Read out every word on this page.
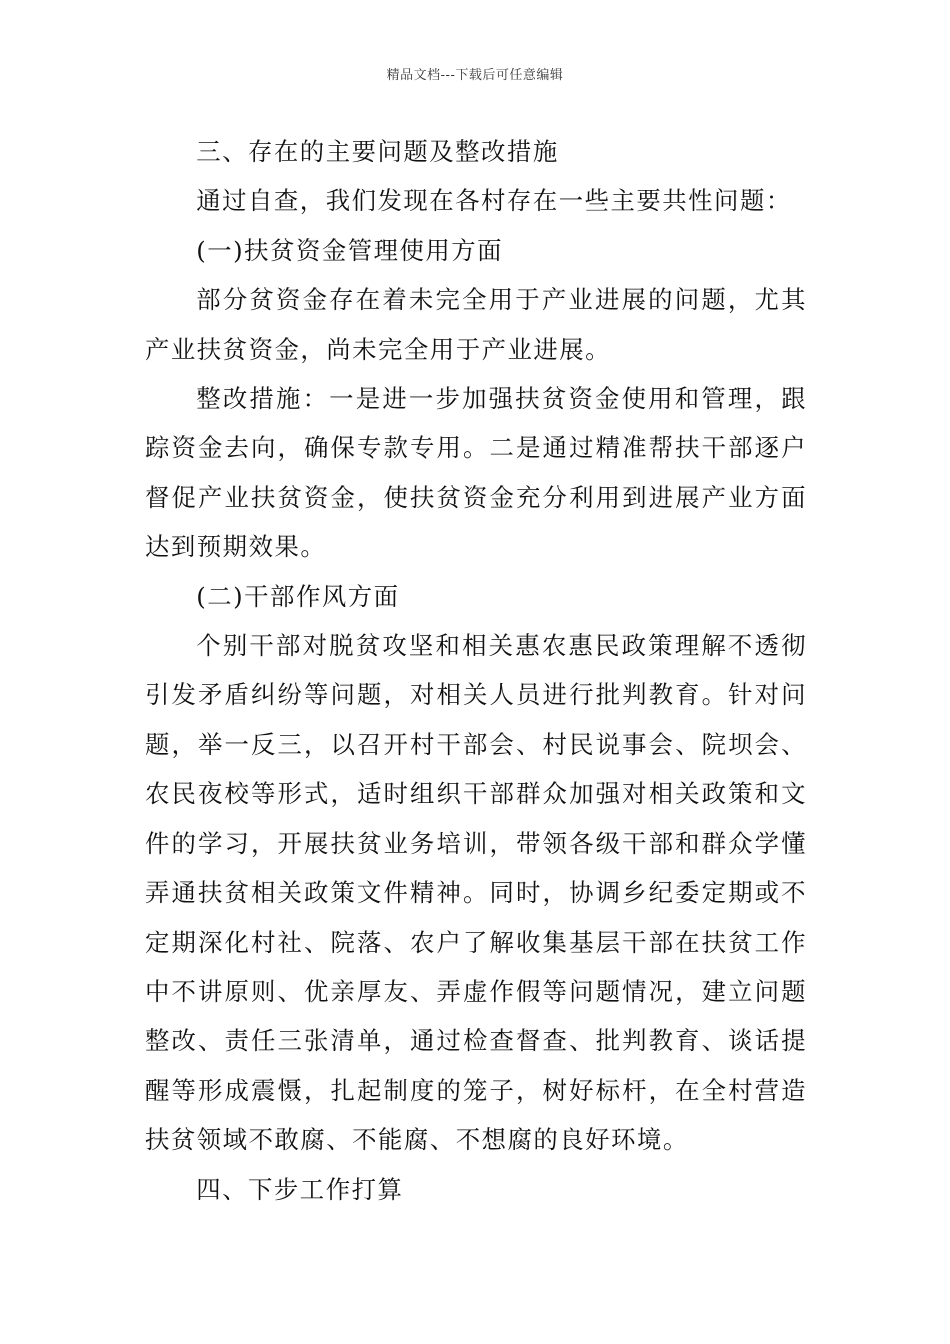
精品文档---下载后可任意编辑

三、存在的主要问题及整改措施

通过自查，我们发现在各村存在一些主要共性问题：

(一)扶贫资金管理使用方面

部分贫资金存在着未完全用于产业进展的问题，尤其产业扶贫资金，尚未完全用于产业进展。

整改措施：一是进一步加强扶贫资金使用和管理，跟踪资金去向，确保专款专用。二是通过精准帮扶干部逐户督促产业扶贫资金，使扶贫资金充分利用到进展产业方面达到预期效果。

(二)干部作风方面

个别干部对脱贫攻坚和相关惠农惠民政策理解不透彻引发矛盾纠纷等问题，对相关人员进行批判教育。针对问题，举一反三，以召开村干部会、村民说事会、院坝会、农民夜校等形式，适时组织干部群众加强对相关政策和文件的学习，开展扶贫业务培训，带领各级干部和群众学懂弄通扶贫相关政策文件精神。同时，协调乡纪委定期或不定期深化村社、院落、农户了解收集基层干部在扶贫工作中不讲原则、优亲厚友、弄虚作假等问题情况，建立问题整改、责任三张清单，通过检查督查、批判教育、谈话提醒等形成震慑，扎起制度的笼子，树好标杆，在全村营造扶贫领域不敢腐、不能腐、不想腐的良好环境。

四、下步工作打算
